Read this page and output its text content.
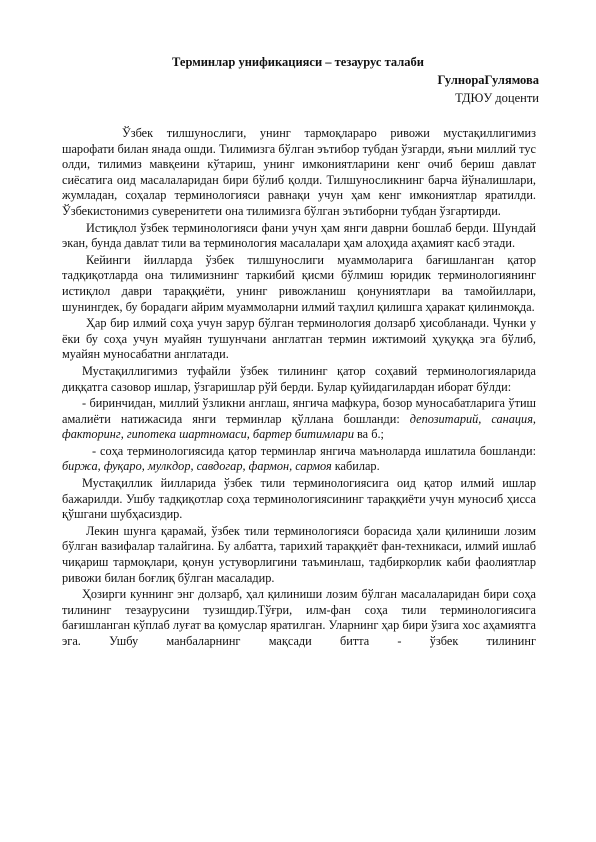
Терминлар унификацияси – тезаурус талаби
ГулнораГулямова
ТДЮУ доценти

Ўзбек тилшунослиги, унинг тармоқлараро ривожи мустақиллигимиз шарофати билан янада ошди. Тилимизга бўлган эътибор тубдан ўзгарди, яъни миллий тус олди, тилимиз мавқеини кўтариш, унинг имкониятларини кенг очиб бериш давлат сиёсатига оид масалаларидан бири бўлиб қолди. Тилшуносликнинг барча йўналишлари, жумладан, соҳалар терминологияси равнақи учун ҳам кенг имкониятлар яратилди. Ўзбекистонимиз суверенитети она тилимизга бўлган эътиборни тубдан ўзгартирди.

Истиқлол ўзбек терминологияси фани учун ҳам янги даврни бошлаб берди. Шундай экан, бунда давлат тили ва терминология масалалари ҳам алоҳида аҳамият касб этади.

Кейинги йилларда ўзбек тилшунослиги муаммоларига бағишланган қатор тадқиқотларда она тилимизнинг таркибий қисми бўлмиш юридик терминологиянинг истиқлол даври тараққиёти, унинг ривожланиш қонуниятлари ва тамойиллари, шунингдек, бу борадаги айрим муаммоларни илмий таҳлил қилишга ҳаракат қилинмоқда.

Ҳар бир илмий соҳа учун зарур бўлган терминология долзарб ҳисобланади. Чунки у ёки бу соҳа учун муайян тушунчани англатган термин ижтимоий ҳуқуққа эга бўлиб, муайян муносабатни англатади.

Мустақиллигимиз туфайли ўзбек тилининг қатор соҳавий терминологияларида диққатга сазовор ишлар, ўзгаришлар рўй берди. Булар қуйидагилардан иборат бўлди:

- биринчидан, миллий ўзликни англаш, янгича мафкура, бозор муносабатларига ўтиш амалиёти натижасида янги терминлар қўллана бошланди: депозитарий, санация, факторинг, гипотека шартномаси, бартер битимлари ва б.;

- соҳа терминологиясида қатор терминлар янгича маъноларда ишлатила бошланди: биржа, фуқаро, мулкдор, савдогар, фармон, сармоя кабилар.

Мустақиллик йилларида ўзбек тили терминологиясига оид қатор илмий ишлар бажарилди. Ушбу тадқиқотлар соҳа терминологиясининг тараққиёти учун муносиб ҳисса қўшгани шубҳасиздир.

Лекин шунга қарамай, ўзбек тили терминологияси борасида ҳали қилиниши лозим бўлган вазифалар талайгина. Бу албатта, тарихий тараққиёт фан-техникаси, илмий ишлаб чиқариш тармоқлари, қонун устуворлигини таъминлаш, тадбиркорлик каби фаолиятлар ривожи билан боғлиқ бўлган масаладир.

Ҳозирги куннинг энг долзарб, ҳал қилиниши лозим бўлган масалаларидан бири соҳа тилининг тезаурусини тузишдир.Тўғри, илм-фан соҳа тили терминологиясига бағишланган кўплаб луғат ва қомуслар яратилган. Уларнинг ҳар бири ўзига хос аҳамиятга эга. Ушбу манбаларнинг мақсади битта - ўзбек тилининг
